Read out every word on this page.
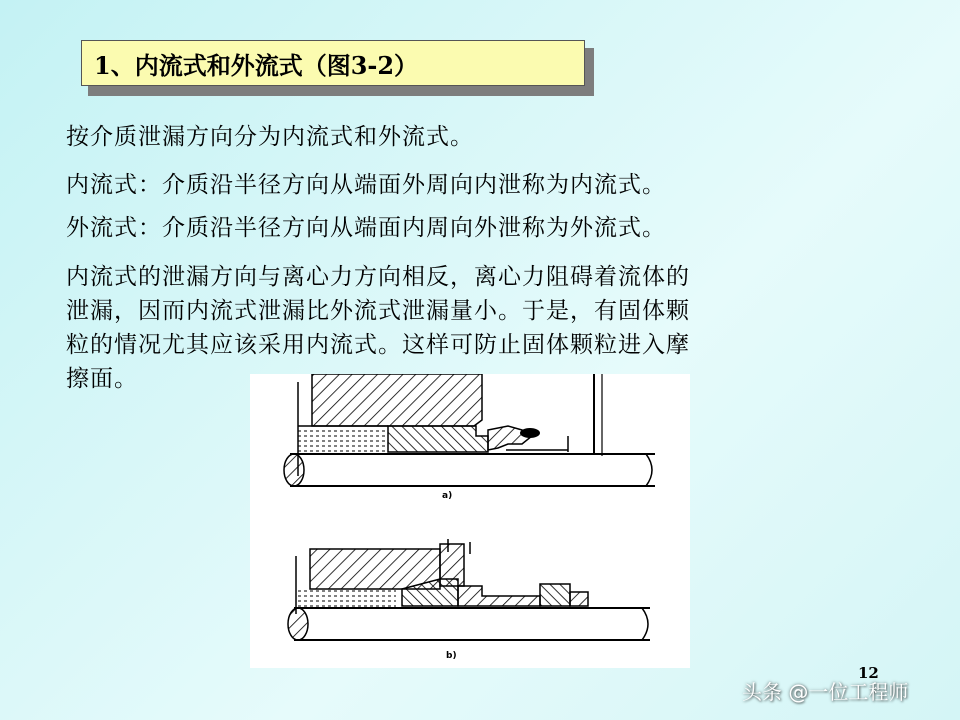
1、内流式和外流式（图3-2）
按介质泄漏方向分为内流式和外流式。
内流式：介质沿半径方向从端面外周向内泄称为内流式。
外流式：介质沿半径方向从端面内周向外泄称为外流式。
内流式的泄漏方向与离心力方向相反，离心力阻碍着流体的
泄漏，因而内流式泄漏比外流式泄漏量小。于是，有固体颗
粒的情况尤其应该采用内流式。这样可防止固体颗粒进入摩
擦面。
a)
b)
12
头条 @一位工程师
